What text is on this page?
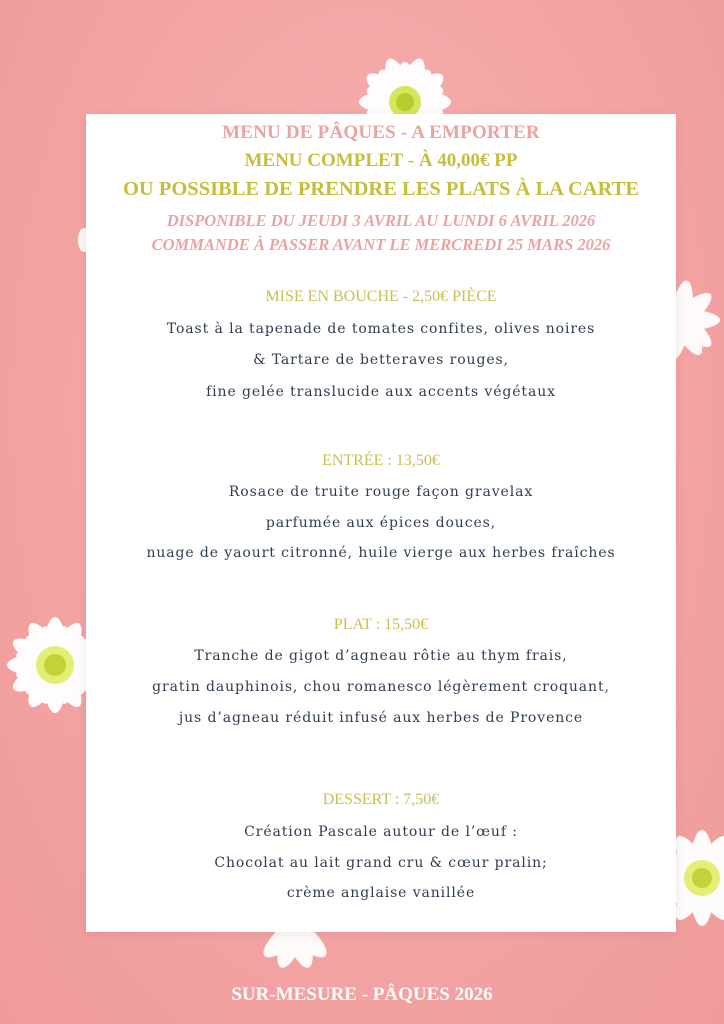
MENU DE PÂQUES - A EMPORTER
MENU COMPLET - À 40,00€ PP
OU POSSIBLE DE PRENDRE LES PLATS À LA CARTE
DISPONIBLE DU JEUDI 3 AVRIL AU LUNDI 6 AVRIL 2026
COMMANDE À PASSER AVANT LE MERCREDI 25 MARS 2026
MISE EN BOUCHE - 2,50€ PIÈCE
Toast à la tapenade de tomates confites, olives noires
& Tartare de betteraves rouges,
fine gelée translucide aux accents végétaux
ENTRÉE : 13,50€
Rosace de truite rouge façon gravelax
parfumée aux épices douces,
nuage de yaourt citronné, huile vierge aux herbes fraîches
PLAT : 15,50€
Tranche de gigot d’agneau rôtie au thym frais,
gratin dauphinois, chou romanesco légèrement croquant,
jus d’agneau réduit infusé aux herbes de Provence
DESSERT : 7,50€
Création Pascale autour de l’œuf :
Chocolat au lait grand cru & cœur pralin;
crème anglaise vanillée
SUR-MESURE - PÂQUES 2026
